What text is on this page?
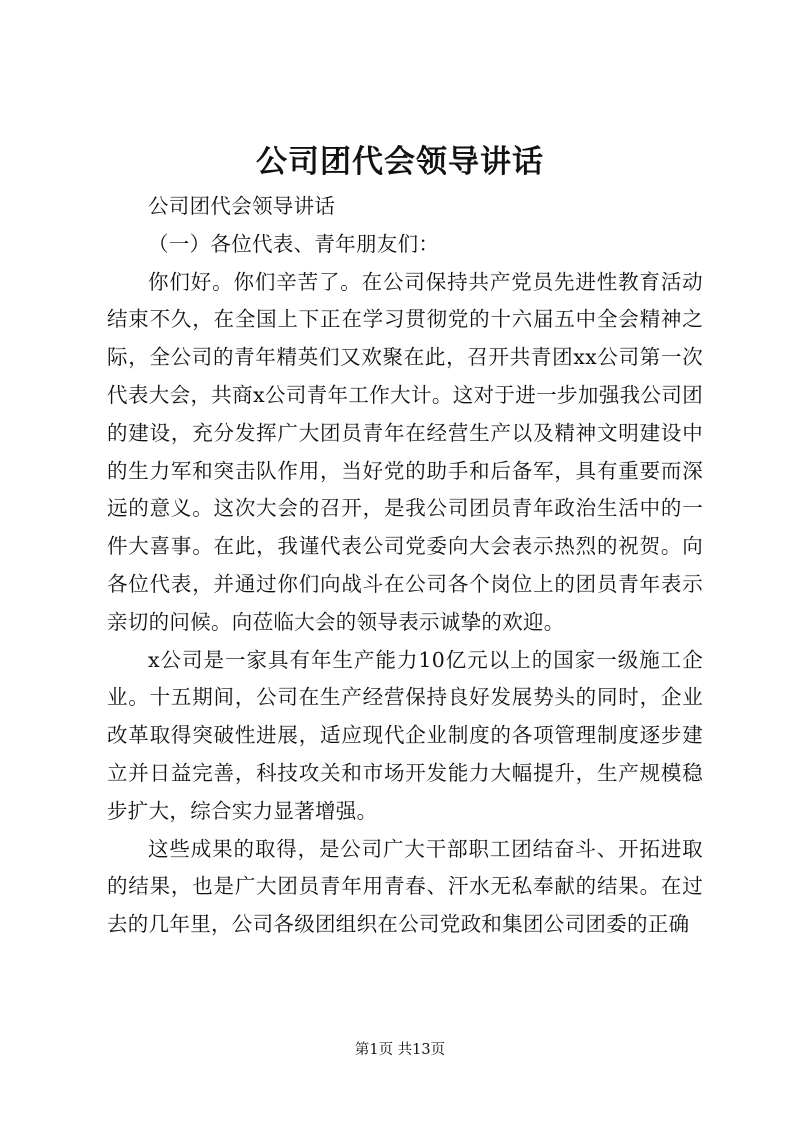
公司团代会领导讲话

公司团代会领导讲话

（一）各位代表、青年朋友们：

你们好。你们辛苦了。在公司保持共产党员先进性教育活动结束不久，在全国上下正在学习贯彻党的十六届五中全会精神之际，全公司的青年精英们又欢聚在此，召开共青团xx公司第一次代表大会，共商x公司青年工作大计。这对于进一步加强我公司团的建设，充分发挥广大团员青年在经营生产以及精神文明建设中的生力军和突击队作用，当好党的助手和后备军，具有重要而深远的意义。这次大会的召开，是我公司团员青年政治生活中的一件大喜事。在此，我谨代表公司党委向大会表示热烈的祝贺。向各位代表，并通过你们向战斗在公司各个岗位上的团员青年表示亲切的问候。向莅临大会的领导表示诚挚的欢迎。

x公司是一家具有年生产能力10亿元以上的国家一级施工企业。十五期间，公司在生产经营保持良好发展势头的同时，企业改革取得突破性进展，适应现代企业制度的各项管理制度逐步建立并日益完善，科技攻关和市场开发能力大幅提升，生产规模稳步扩大，综合实力显著增强。

这些成果的取得，是公司广大干部职工团结奋斗、开拓进取的结果，也是广大团员青年用青春、汗水无私奉献的结果。在过去的几年里，公司各级团组织在公司党政和集团公司团委的正确

第1页 共13页
